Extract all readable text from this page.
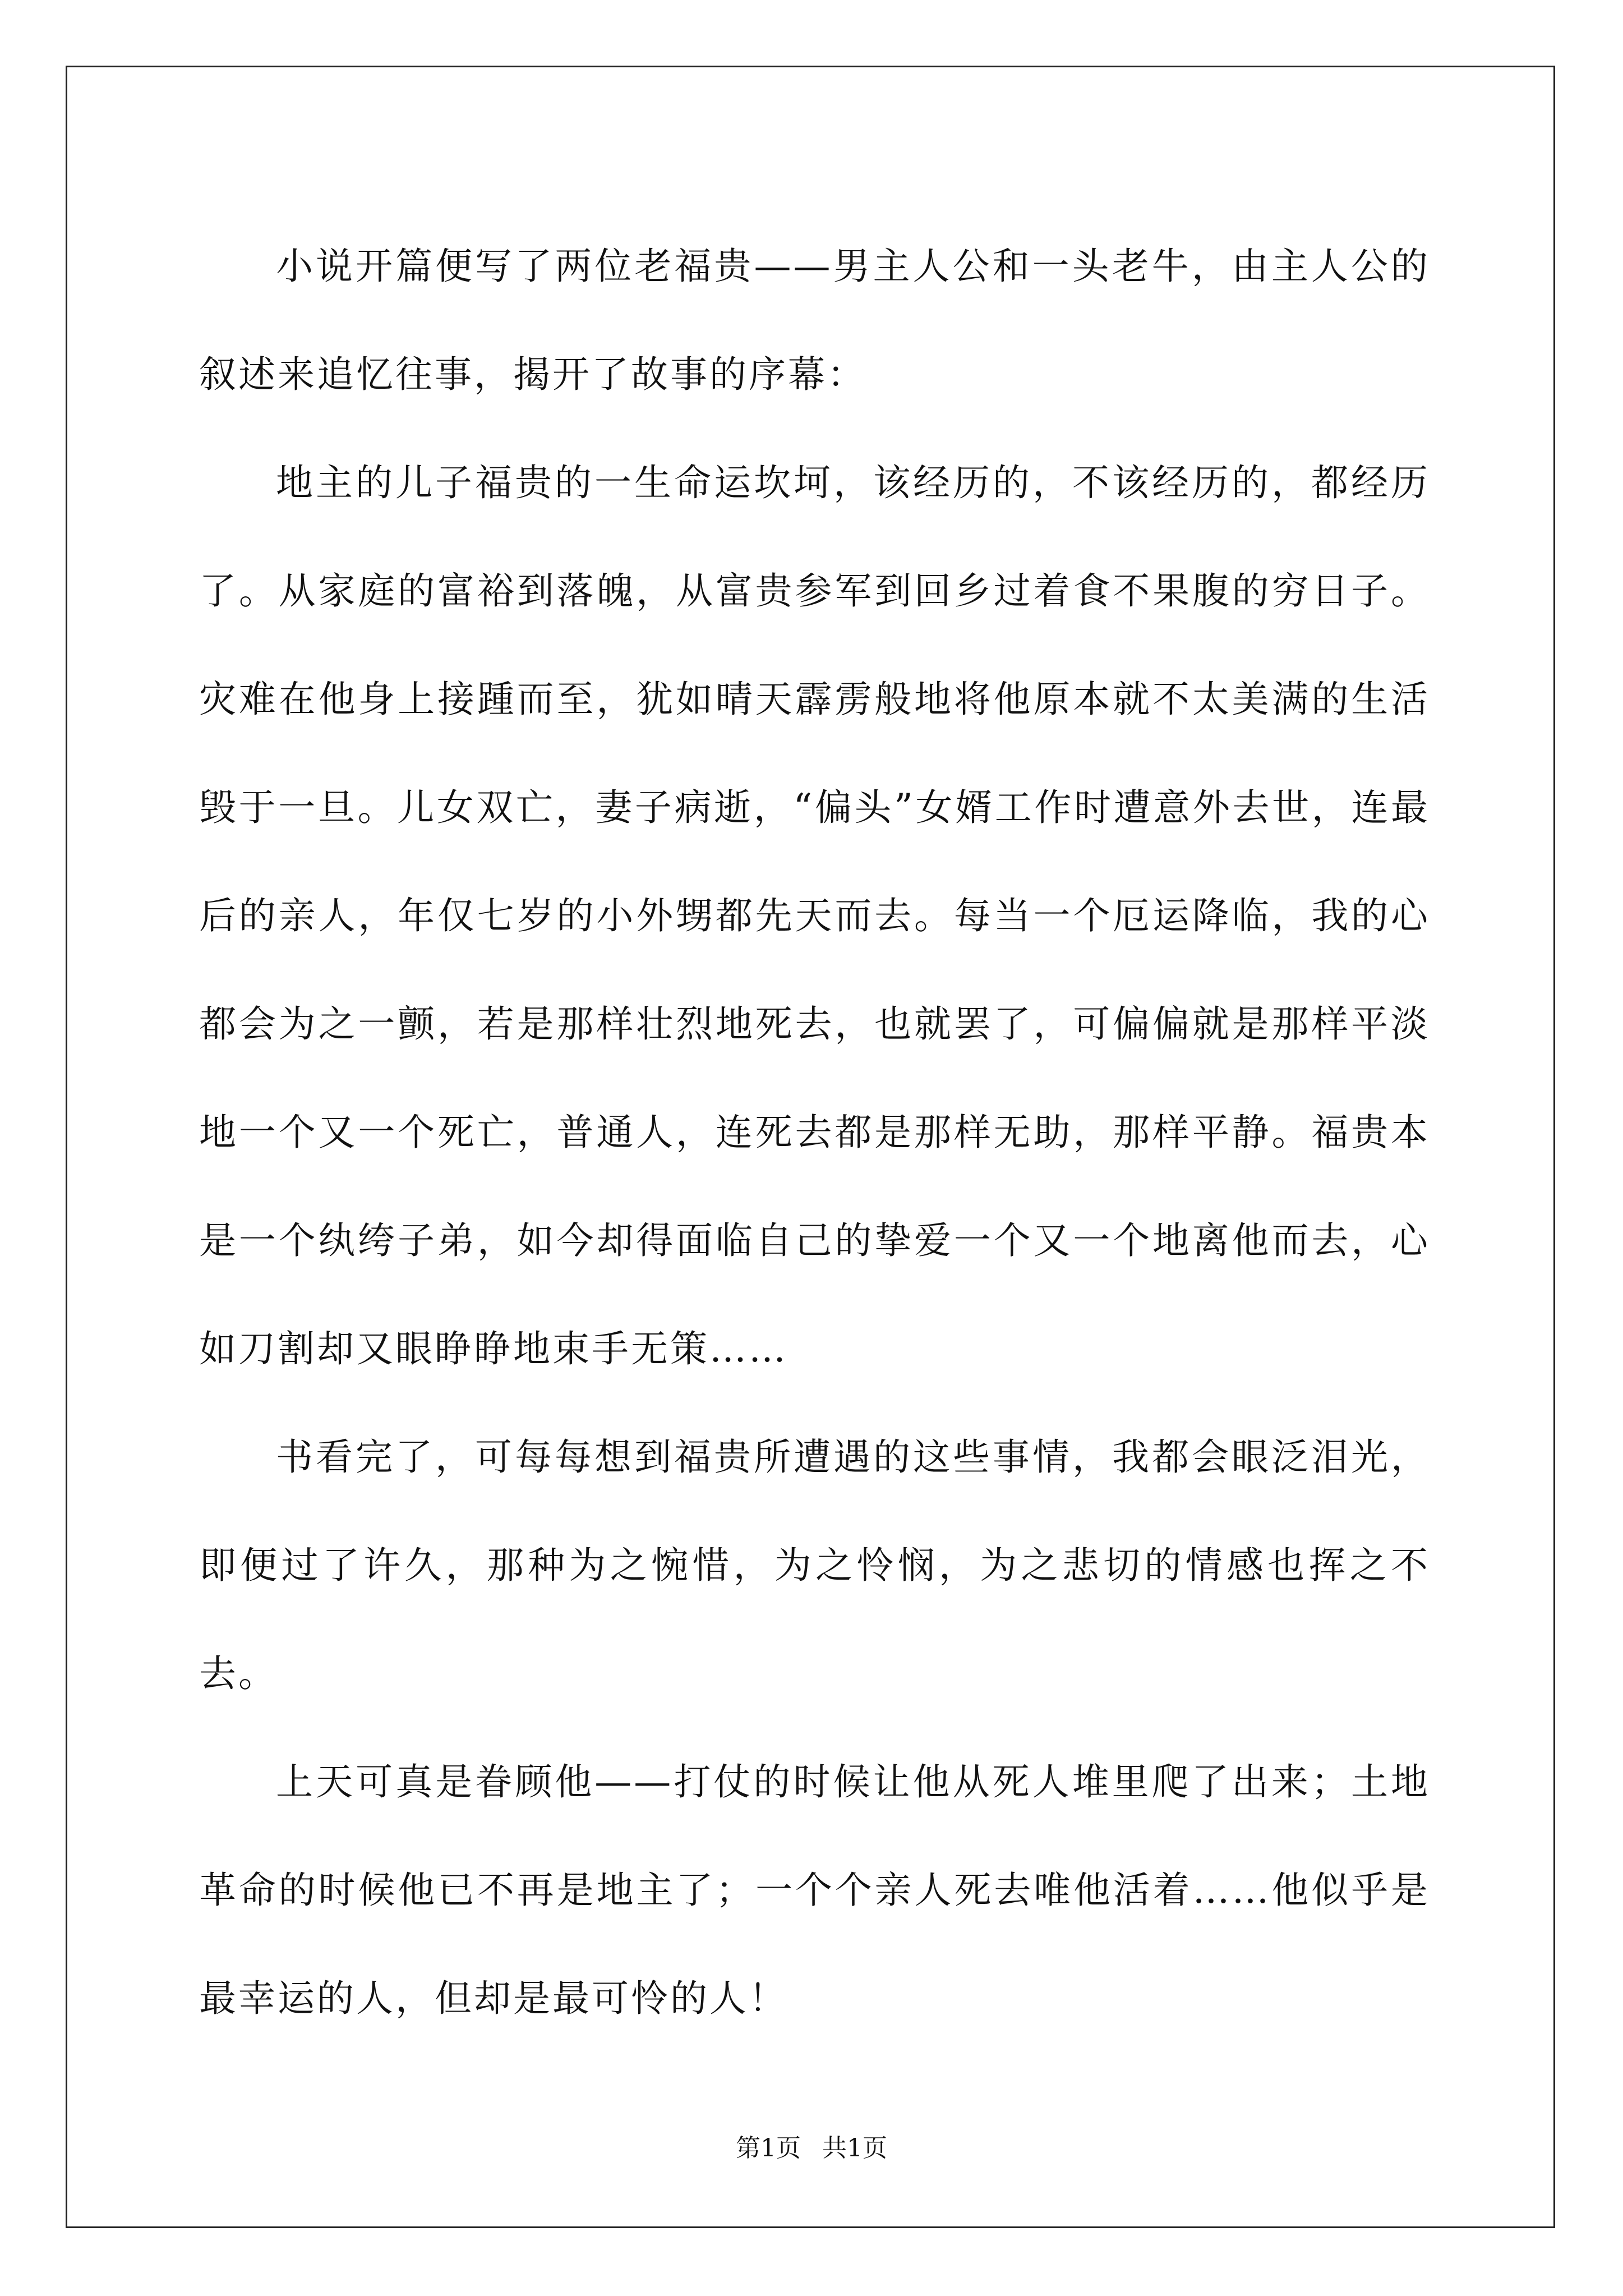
小说开篇便写了两位老福贵——男主人公和一头老牛，由主人公的叙述来追忆往事，揭开了故事的序幕：

地主的儿子福贵的一生命运坎坷，该经历的，不该经历的，都经历了。从家庭的富裕到落魄，从富贵参军到回乡过着食不果腹的穷日子。灾难在他身上接踵而至，犹如晴天霹雳般地将他原本就不太美满的生活毁于一旦。儿女双亡，妻子病逝，“偏头”女婿工作时遭意外去世，连最后的亲人，年仅七岁的小外甥都先天而去。每当一个厄运降临，我的心都会为之一颤，若是那样壮烈地死去，也就罢了，可偏偏就是那样平淡地一个又一个死亡，普通人，连死去都是那样无助，那样平静。福贵本是一个纨绔子弟，如今却得面临自己的挚爱一个又一个地离他而去，心如刀割却又眼睁睁地束手无策……

书看完了，可每每想到福贵所遭遇的这些事情，我都会眼泛泪光，即便过了许久，那种为之惋惜，为之怜悯，为之悲切的情感也挥之不去。

上天可真是眷顾他——打仗的时候让他从死人堆里爬了出来；土地革命的时候他已不再是地主了；一个个亲人死去唯他活着……他似乎是最幸运的人，但却是最可怜的人！

第1页 共1页
